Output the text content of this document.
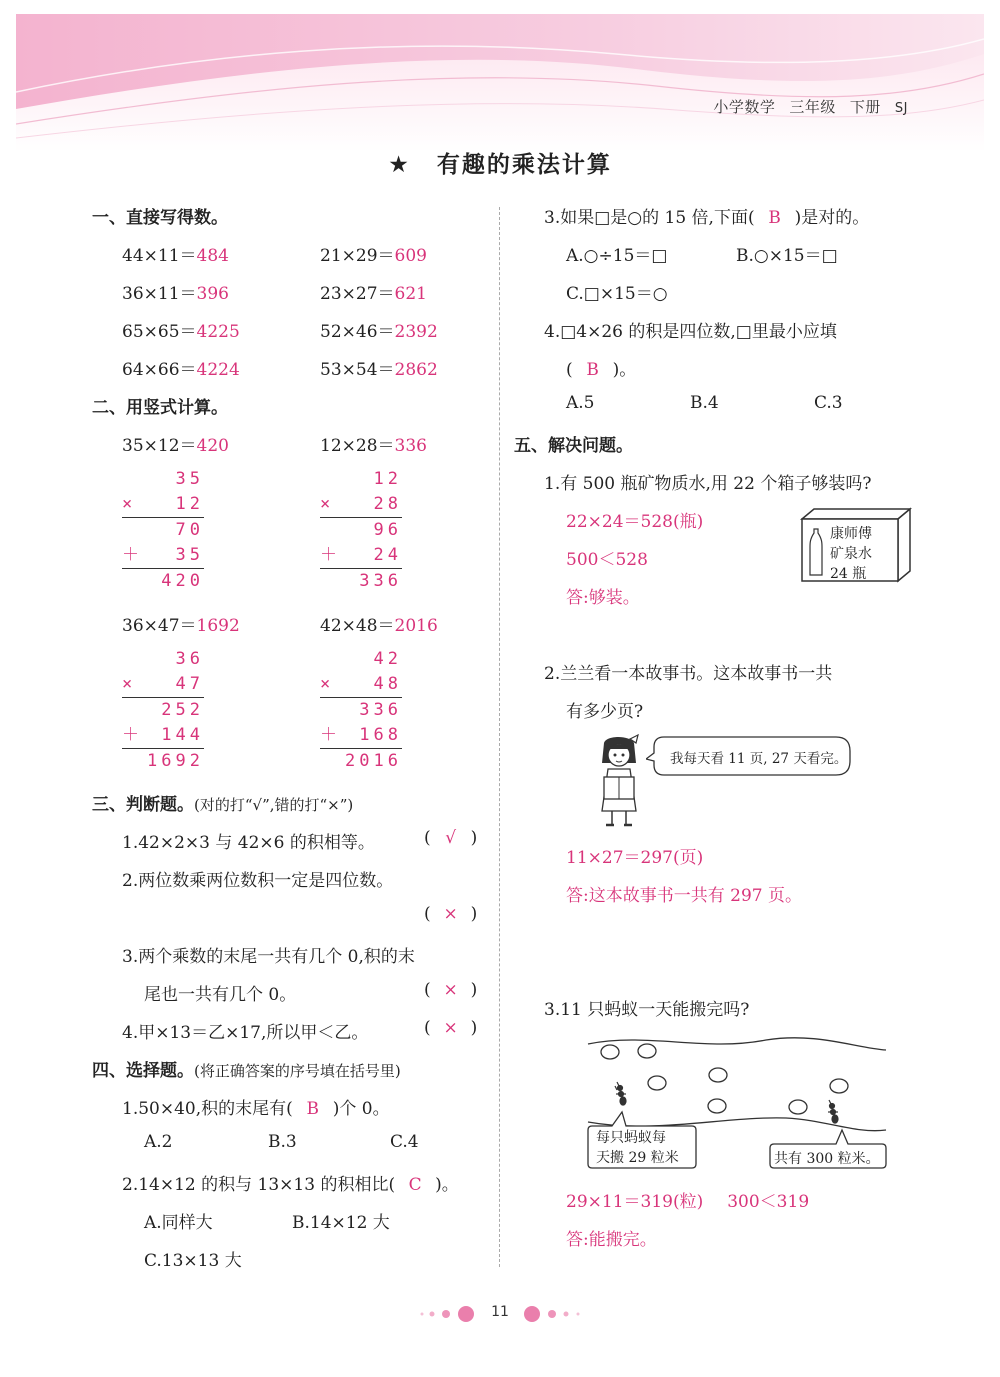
小学数学 三年级 下册 SJ
★ 有趣的乘法计算
一、直接写得数。
44×11＝484	21×29＝609
36×11＝396	23×27＝621
65×65＝4225	52×46＝2392
64×66＝4224	53×54＝2862
二、用竖式计算。
35×12＝420
35
× 12
70
＋ 35
420
12×28＝336
12
× 28
96
＋ 24
336
36×47＝1692
36
× 47
252
＋ 144
1692
42×48＝2016
42
× 48
336
＋ 168
2016
三、判断题。(对的打“√”,错的打“×”)
1.42×2×3 与 42×6 的积相等。	( √ )
2.两位数乘两位数积一定是四位数。
( × )
3.两个乘数的末尾一共有几个 0,积的末
尾也一共有几个 0。	( × )
4.甲×13＝乙×17,所以甲＜乙。	( × )
四、选择题。(将正确答案的序号填在括号里)
1.50×40,积的末尾有( B )个 0。
A.2	B.3	C.4
2.14×12 的积与 13×13 的积相比( C )。
A.同样大	B.14×12 大
C.13×13 大
3.如果□是○的 15 倍,下面( B )是对的。
A.○÷15＝□	B.○×15＝□
C.□×15＝○
4.□4×26 的积是四位数,□里最小应填
( B )。
A.5	B.4	C.3
五、解决问题。
1.有 500 瓶矿物质水,用 22 个箱子够装吗?
22×24＝528(瓶)
500＜528
答:够装。
康师傅
矿泉水
24 瓶
2.兰兰看一本故事书。这本故事书一共
有多少页?
我每天看 11 页, 27 天看完。
11×27＝297(页)
答:这本故事书一共有 297 页。
3.11 只蚂蚁一天能搬完吗?
每只蚂蚁每
天搬 29 粒米	共有 300 粒米。
29×11＝319(粒) 300＜319
答:能搬完。
11
